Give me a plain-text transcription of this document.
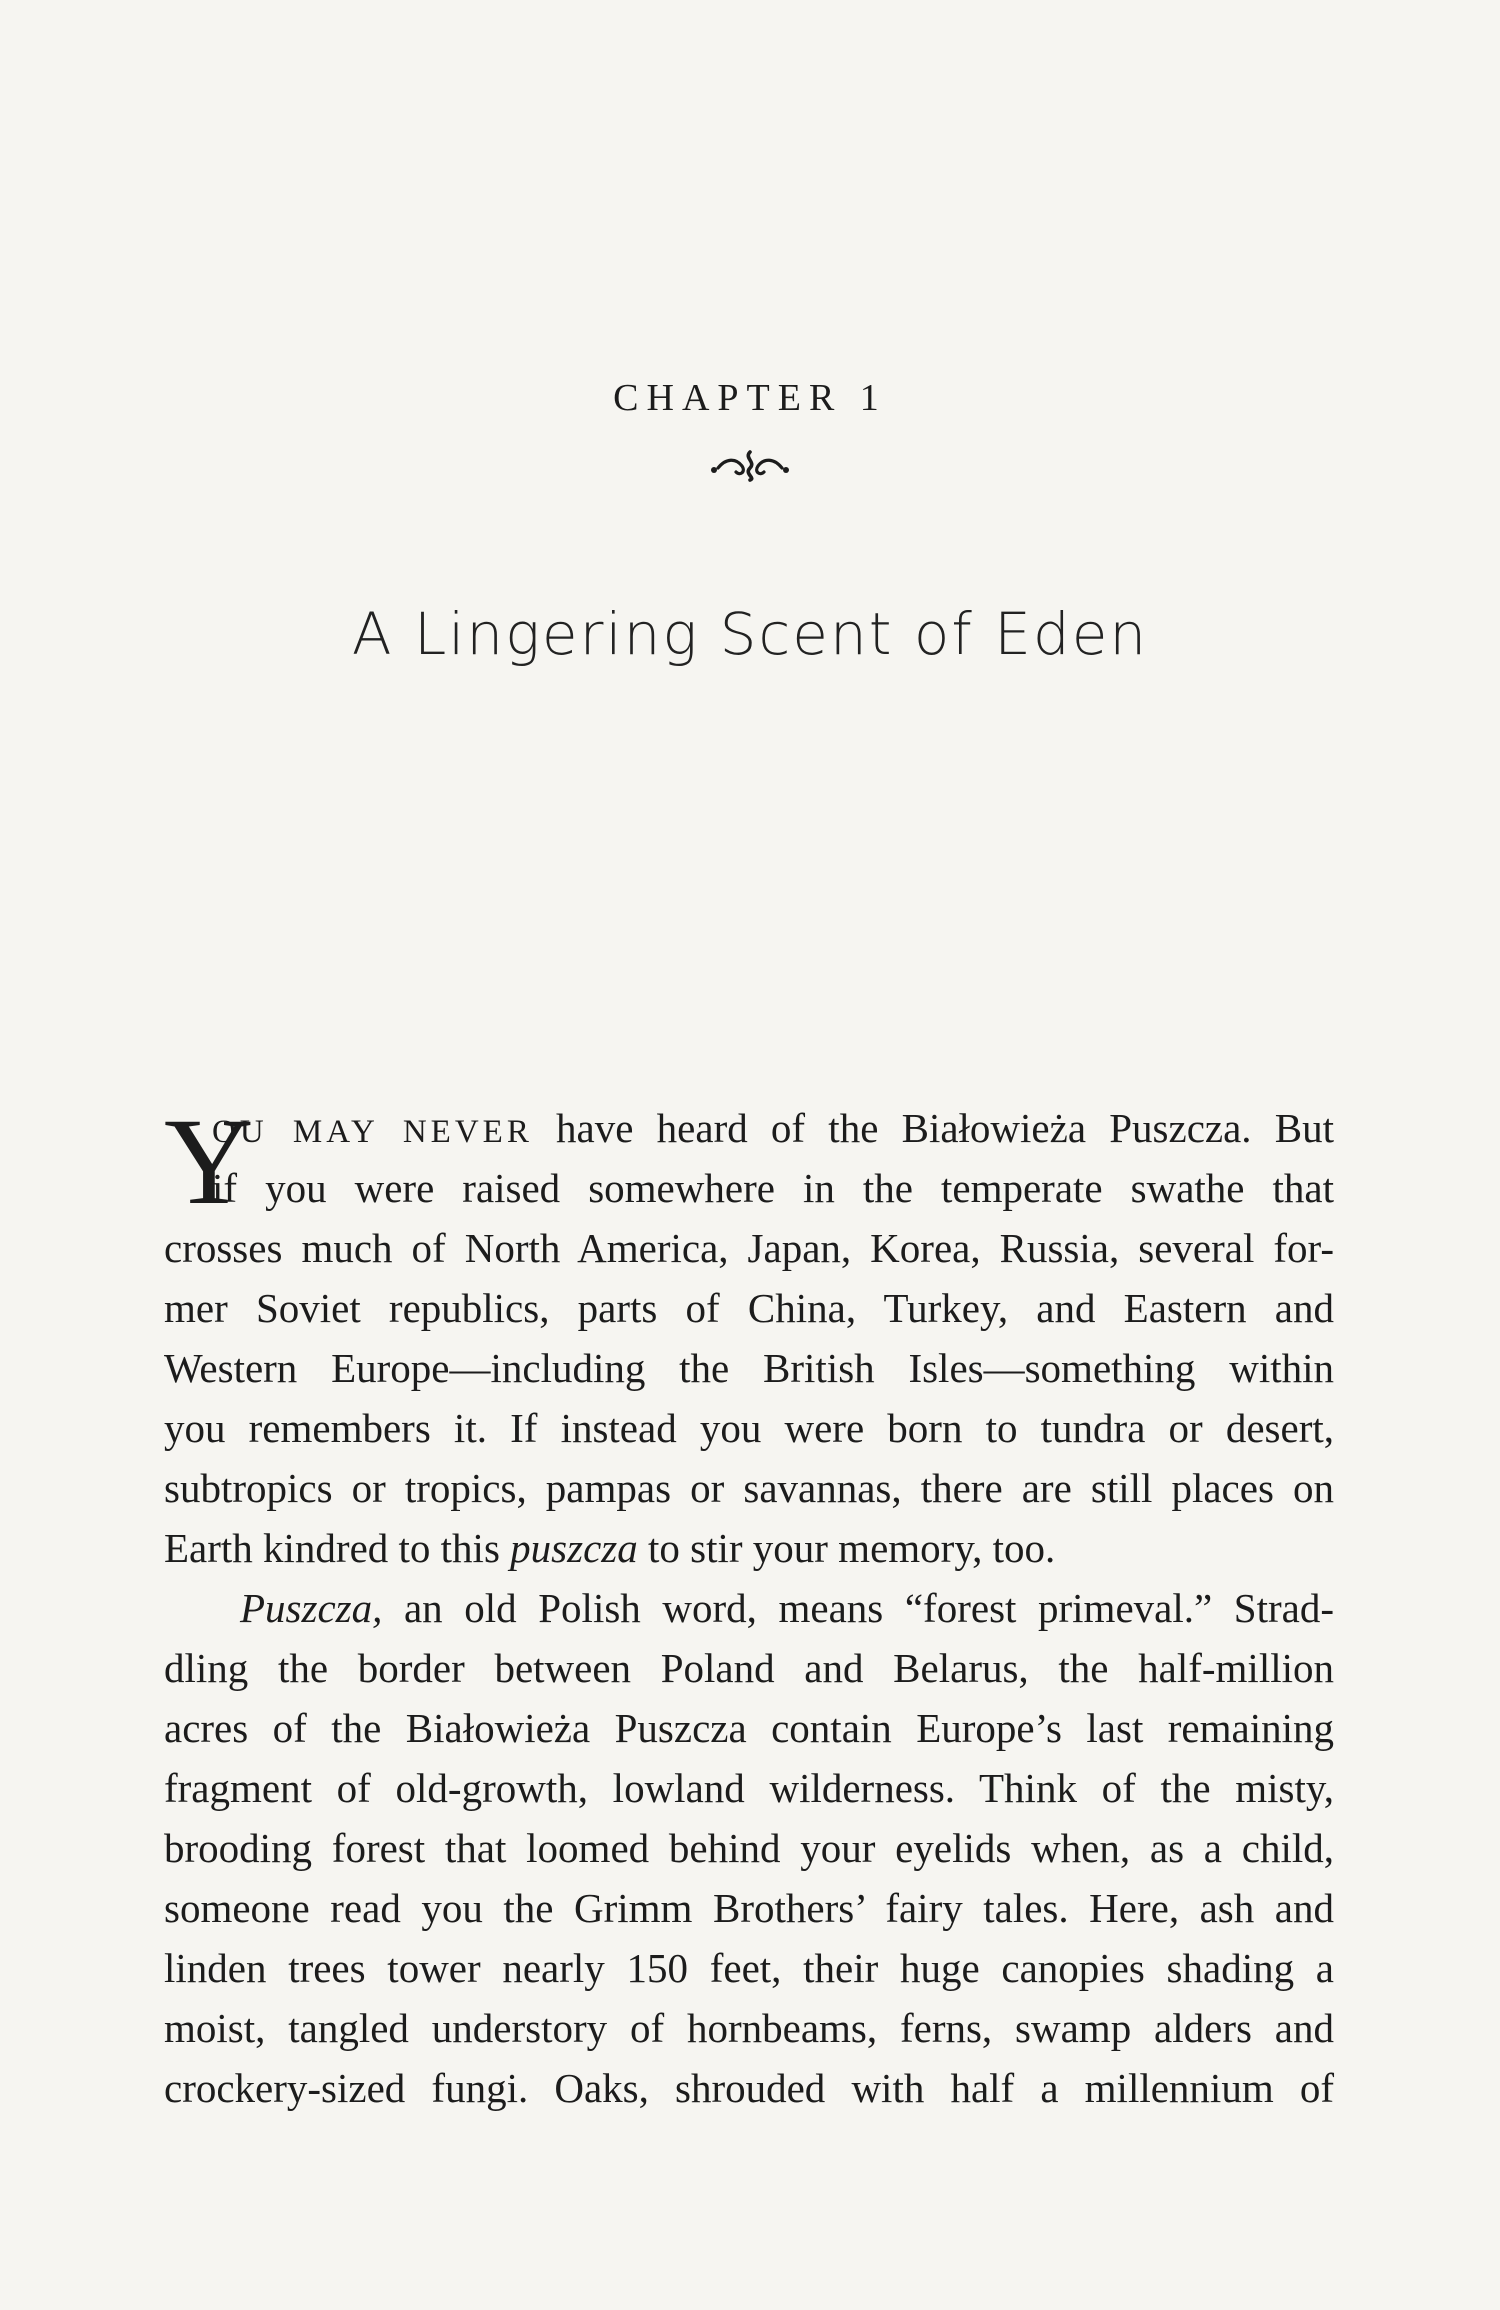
CHAPTER 1
A Lingering Scent of Eden
Y
OU MAY NEVER have heard of the Białowieża Puszcza. But
if you were raised somewhere in the temperate swathe that
crosses much of North America, Japan, Korea, Russia, several for-
mer Soviet republics, parts of China, Turkey, and Eastern and
Western Europe—including the British Isles—something within
you remembers it. If instead you were born to tundra or desert,
subtropics or tropics, pampas or savannas, there are still places on
Earth kindred to this puszcza to stir your memory, too.
Puszcza, an old Polish word, means “forest primeval.” Strad-
dling the border between Poland and Belarus, the half-million
acres of the Białowieża Puszcza contain Europe’s last remaining
fragment of old-growth, lowland wilderness. Think of the misty,
brooding forest that loomed behind your eyelids when, as a child,
someone read you the Grimm Brothers’ fairy tales. Here, ash and
linden trees tower nearly 150 feet, their huge canopies shading a
moist, tangled understory of hornbeams, ferns, swamp alders and
crockery-sized fungi. Oaks, shrouded with half a millennium of
